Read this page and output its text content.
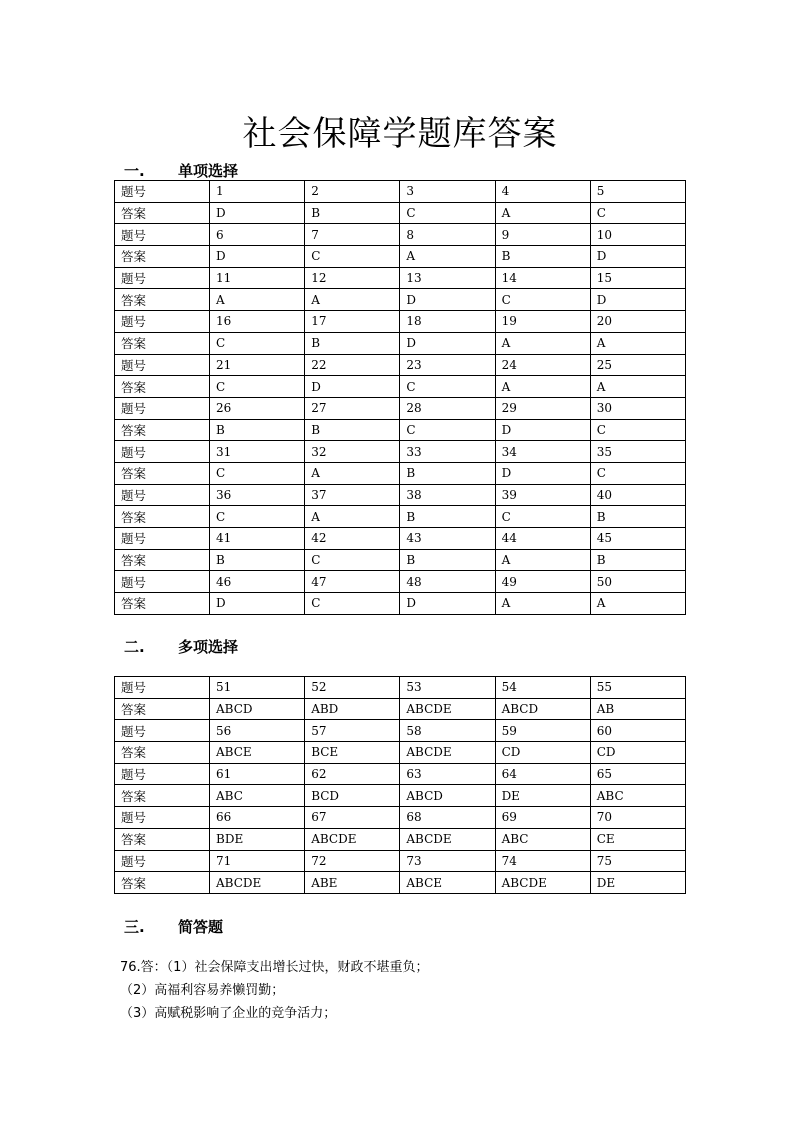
社会保障学题库答案
一. 单项选择
题号	1	2	3	4	5
答案	D	B	C	A	C
题号	6	7	8	9	10
答案	D	C	A	B	D
题号	11	12	13	14	15
答案	A	A	D	C	D
题号	16	17	18	19	20
答案	C	B	D	A	A
题号	21	22	23	24	25
答案	C	D	C	A	A
题号	26	27	28	29	30
答案	B	B	C	D	C
题号	31	32	33	34	35
答案	C	A	B	D	C
题号	36	37	38	39	40
答案	C	A	B	C	B
题号	41	42	43	44	45
答案	B	C	B	A	B
题号	46	47	48	49	50
答案	D	C	D	A	A
二. 多项选择
题号	51	52	53	54	55
答案	ABCD	ABD	ABCDE	ABCD	AB
题号	56	57	58	59	60
答案	ABCE	BCE	ABCDE	CD	CD
题号	61	62	63	64	65
答案	ABC	BCD	ABCD	DE	ABC
题号	66	67	68	69	70
答案	BDE	ABCDE	ABCDE	ABC	CE
题号	71	72	73	74	75
答案	ABCDE	ABE	ABCE	ABCDE	DE
三. 简答题

76.答：（1）社会保障支出增长过快，财政不堪重负；

（2）高福利容易养懒罚勤；

（3）高赋税影响了企业的竞争活力；
